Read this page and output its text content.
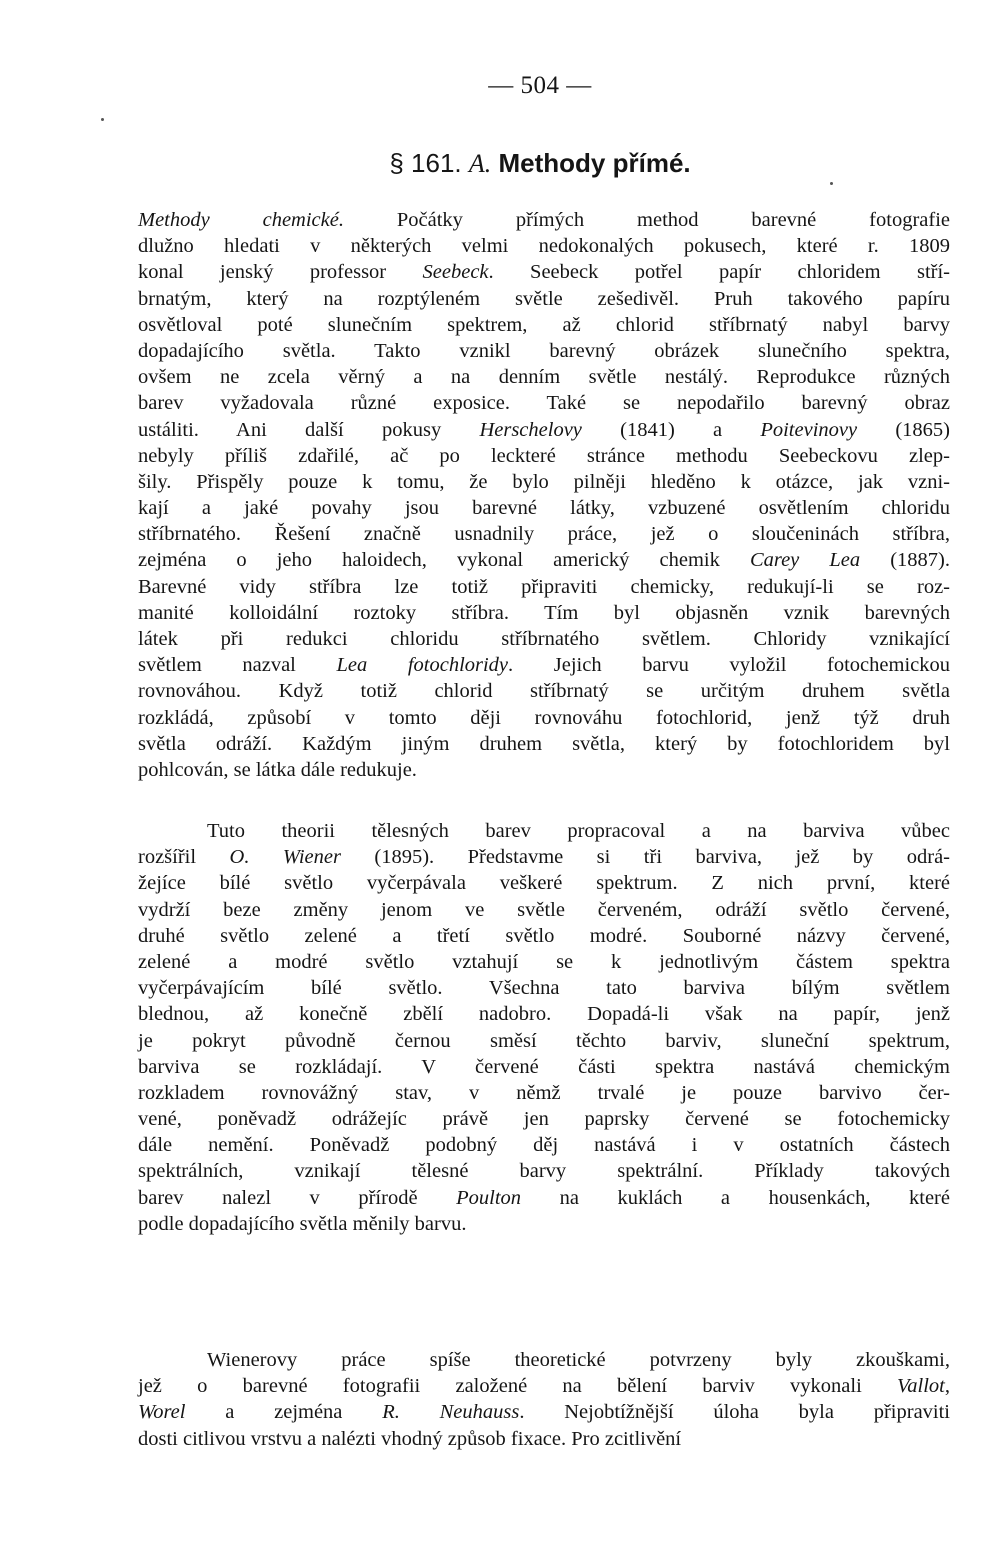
— 504 —
§ 161. A. Methody přímé.
Methody chemické. Počátky přímých method barevné fotografie
dlužno hledati v některých velmi nedokonalých pokusech, které r. 1809
konal jenský professor Seebeck. Seebeck potřel papír chloridem stří-
brnatým, který na rozptýleném světle zešedivěl. Pruh takového papíru
osvětloval poté slunečním spektrem, až chlorid stříbrnatý nabyl barvy
dopadajícího světla. Takto vznikl barevný obrázek slunečního spektra,
ovšem ne zcela věrný a na denním světle nestálý. Reprodukce různých
barev vyžadovala různé exposice. Také se nepodařilo barevný obraz
ustáliti. Ani další pokusy Herschelovy (1841) a Poitevinovy (1865)
nebyly příliš zdařilé, ač po leckteré stránce methodu Seebeckovu zlep-
šily. Přispěly pouze k tomu, že bylo pilněji hleděno k otázce, jak vzni-
kají a jaké povahy jsou barevné látky, vzbuzené osvětlením chloridu
stříbrnatého. Řešení značně usnadnily práce, jež o sloučeninách stříbra,
zejména o jeho haloidech, vykonal americký chemik Carey Lea (1887).
Barevné vidy stříbra lze totiž připraviti chemicky, redukují-li se roz-
manité kolloidální roztoky stříbra. Tím byl objasněn vznik barevných
látek při redukci chloridu stříbrnatého světlem. Chloridy vznikající
světlem nazval Lea fotochloridy. Jejich barvu vyložil fotochemickou
rovnováhou. Když totiž chlorid stříbrnatý se určitým druhem světla
rozkládá, způsobí v tomto ději rovnováhu fotochlorid, jenž týž druh
světla odráží. Každým jiným druhem světla, který by fotochloridem byl
pohlcován, se látka dále redukuje.
Tuto theorii tělesných barev propracoval a na barviva vůbec
rozšířil O. Wiener (1895). Představme si tři barviva, jež by odrá-
žejíce bílé světlo vyčerpávala veškeré spektrum. Z nich první, které
vydrží beze změny jenom ve světle červeném, odráží světlo červené,
druhé světlo zelené a třetí světlo modré. Souborné názvy červené,
zelené a modré světlo vztahují se k jednotlivým částem spektra
vyčerpávajícím bílé světlo. Všechna tato barviva bílým světlem
blednou, až konečně zbělí nadobro. Dopadá-li však na papír, jenž
je pokryt původně černou směsí těchto barviv, sluneční spektrum,
barviva se rozkládají. V červené části spektra nastává chemickým
rozkladem rovnovážný stav, v němž trvalé je pouze barvivo čer-
vené, poněvadž odrážejíc právě jen paprsky červené se fotochemicky
dále nemění. Poněvadž podobný děj nastává i v ostatních částech
spektrálních, vznikají tělesné barvy spektrální. Příklady takových
barev nalezl v přírodě Poulton na kuklách a housenkách, které
podle dopadajícího světla měnily barvu.
Wienerovy práce spíše theoretické potvrzeny byly zkouškami,
jež o barevné fotografii založené na bělení barviv vykonali Vallot,
Worel a zejména R. Neuhauss. Nejobtížnější úloha byla připraviti
dosti citlivou vrstvu a nalézti vhodný způsob fixace. Pro zcitlivění
